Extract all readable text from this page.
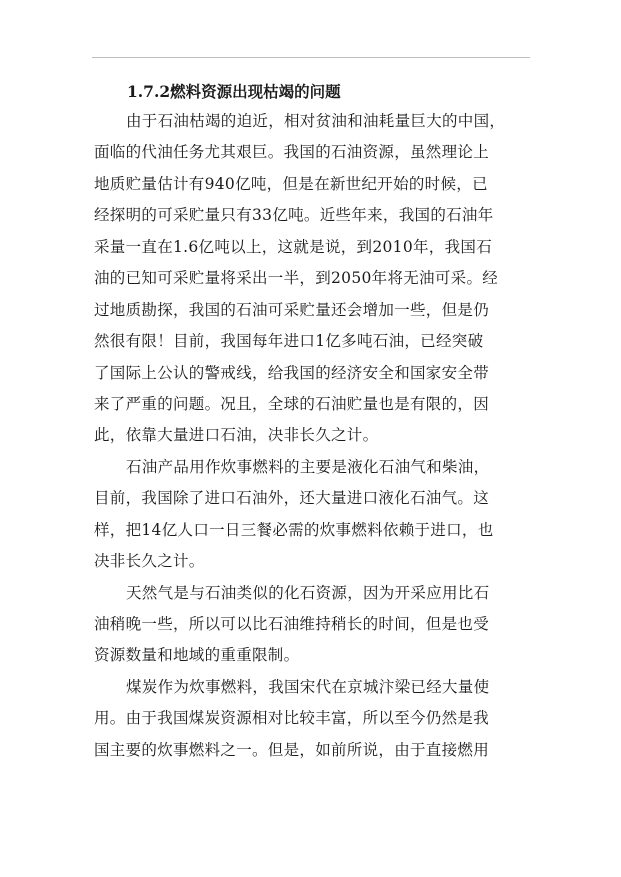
1.7.2燃料资源出现枯竭的问题
由于石油枯竭的迫近，相对贫油和油耗量巨大的中国，
面临的代油任务尤其艰巨。我国的石油资源，虽然理论上
地质贮量估计有940亿吨，但是在新世纪开始的时候，已
经探明的可采贮量只有33亿吨。近些年来，我国的石油年
采量一直在1.6亿吨以上，这就是说，到2010年，我国石
油的已知可采贮量将采出一半，到2050年将无油可采。经
过地质勘探，我国的石油可采贮量还会增加一些，但是仍
然很有限！目前，我国每年进口1亿多吨石油，已经突破
了国际上公认的警戒线，给我国的经济安全和国家安全带
来了严重的问题。况且，全球的石油贮量也是有限的，因
此，依靠大量进口石油，决非长久之计。
石油产品用作炊事燃料的主要是液化石油气和柴油，
目前，我国除了进口石油外，还大量进口液化石油气。这
样，把14亿人口一日三餐必需的炊事燃料依赖于进口，也
决非长久之计。
天然气是与石油类似的化石资源，因为开采应用比石
油稍晚一些，所以可以比石油维持稍长的时间，但是也受
资源数量和地域的重重限制。
煤炭作为炊事燃料，我国宋代在京城汴梁已经大量使
用。由于我国煤炭资源相对比较丰富，所以至今仍然是我
国主要的炊事燃料之一。但是，如前所说，由于直接燃用
